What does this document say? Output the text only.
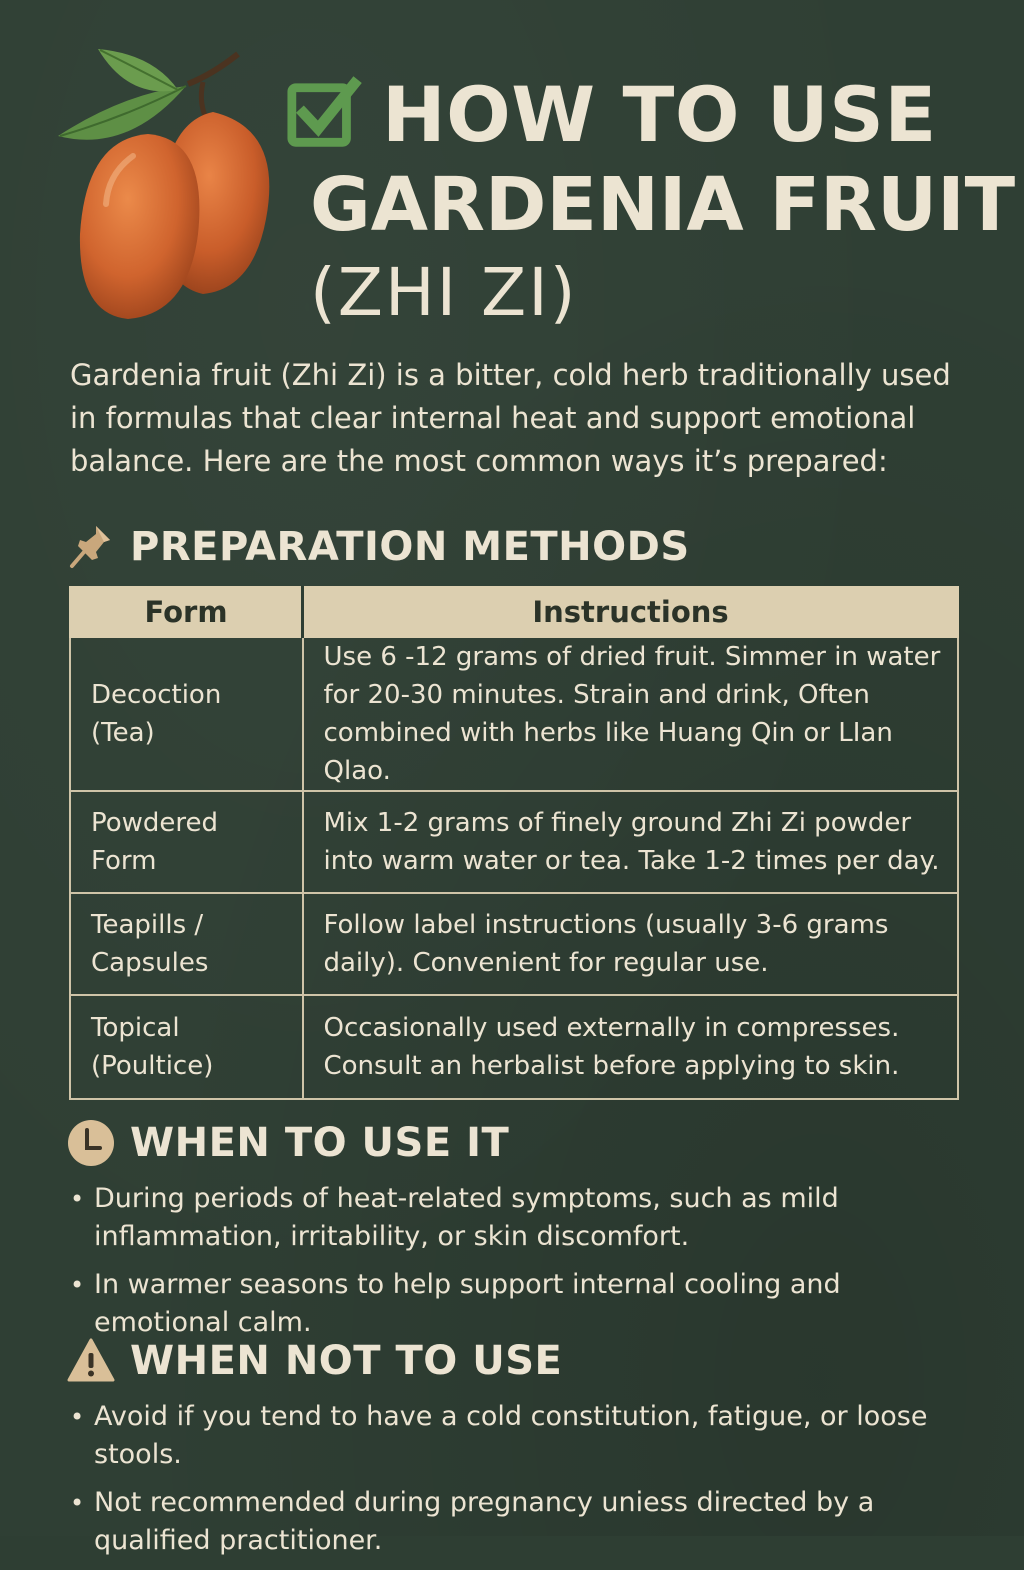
HOW TO USE
GARDENIA FRUIT
(ZHI ZI)
Gardenia fruit (Zhi Zi) is a bitter, cold herb traditionally used in formulas that clear internal heat and support emotional balance. Here are the most common ways it’s prepared:
PREPARATION METHODS
Form	Instructions
Decoction (Tea)	Use 6 -12 grams of dried fruit. Simmer in water for 20-30 minutes. Strain and drink, Often combined with herbs like Huang Qin or LIan Qlao.
Powdered Form	Mix 1-2 grams of finely ground Zhi Zi powder into warm water or tea. Take 1-2 times per day.
Teapills / Capsules	Follow label instructions (usually 3-6 grams daily). Convenient for regular use.
Topical (Poultice)	Occasionally used externally in compresses. Consult an herbalist before applying to skin.
WHEN TO USE IT
• During periods of heat-related symptoms, such as mild inflammation, irritability, or skin discomfort.
• In warmer seasons to help support internal cooling and emotional calm.
WHEN NOT TO USE
• Avoid if you tend to have a cold constitution, fatigue, or loose stools.
• Not recommended during pregnancy uniess directed by a qualified practitioner.
